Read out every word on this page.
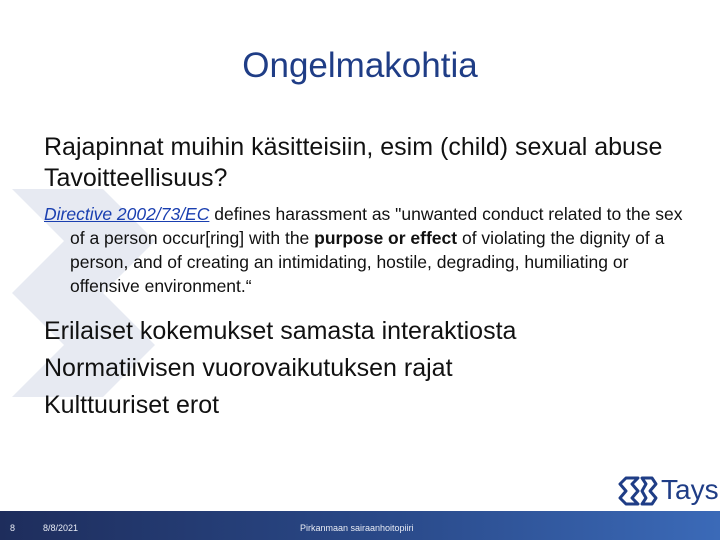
Ongelmakohtia
Rajapinnat muihin käsitteisiin, esim (child) sexual abuse
Tavoitteellisuus?
Directive 2002/73/EC defines harassment as "unwanted conduct related to the sex of a person occur[ring] with the purpose or effect of violating the dignity of a person, and of creating an intimidating, hostile, degrading, humiliating or offensive environment.“
Erilaiset kokemukset samasta interaktiosta
Normatiivisen vuorovaikutuksen rajat
Kulttuuriset erot
Tays
8	8/8/2021	Pirkanmaan sairaanhoitopiiri
